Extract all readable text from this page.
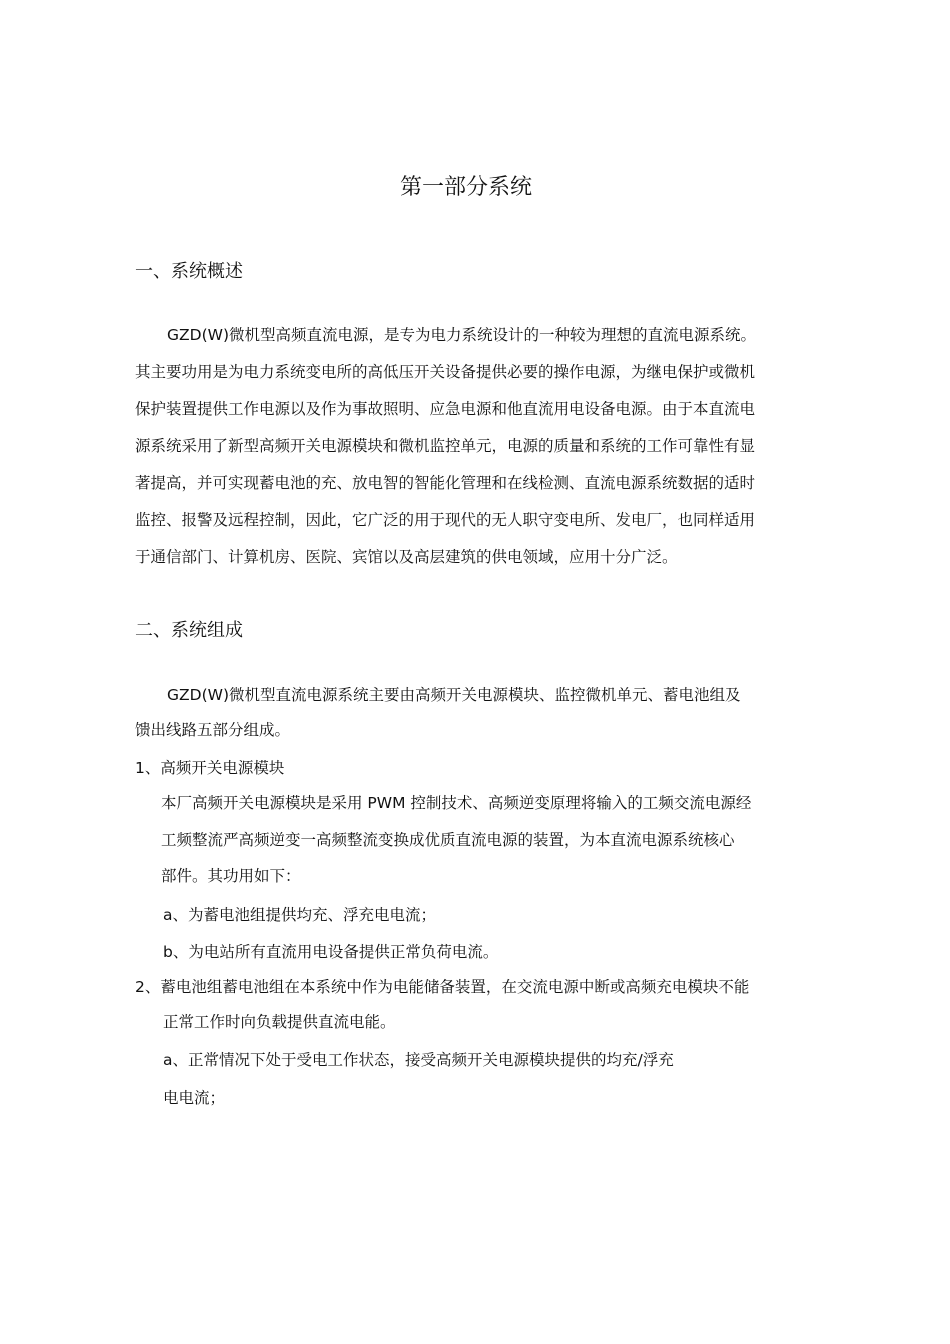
第一部分系统
一、系统概述
GZD(W)微机型高频直流电源，是专为电力系统设计的一种较为理想的直流电源系统。
其主要功用是为电力系统变电所的高低压开关设备提供必要的操作电源，为继电保护或微机
保护装置提供工作电源以及作为事故照明、应急电源和他直流用电设备电源。由于本直流电
源系统采用了新型高频开关电源模块和微机监控单元，电源的质量和系统的工作可靠性有显
著提高，并可实现蓄电池的充、放电智的智能化管理和在线检测、直流电源系统数据的适时
监控、报警及远程控制，因此，它广泛的用于现代的无人职守变电所、发电厂，也同样适用
于通信部门、计算机房、医院、宾馆以及高层建筑的供电领域，应用十分广泛。
二、系统组成
GZD(W)微机型直流电源系统主要由高频开关电源模块、监控微机单元、蓄电池组及
馈出线路五部分组成。
1、高频开关电源模块
本厂高频开关电源模块是采用 PWM 控制技术、高频逆变原理将输入的工频交流电源经
工频整流严高频逆变一高频整流变换成优质直流电源的装置，为本直流电源系统核心
部件。其功用如下：
a、为蓄电池组提供均充、浮充电电流；
b、为电站所有直流用电设备提供正常负荷电流。
2、蓄电池组蓄电池组在本系统中作为电能储备装置，在交流电源中断或高频充电模块不能
正常工作时向负载提供直流电能。
a、正常情况下处于受电工作状态，接受高频开关电源模块提供的均充/浮充
电电流；
